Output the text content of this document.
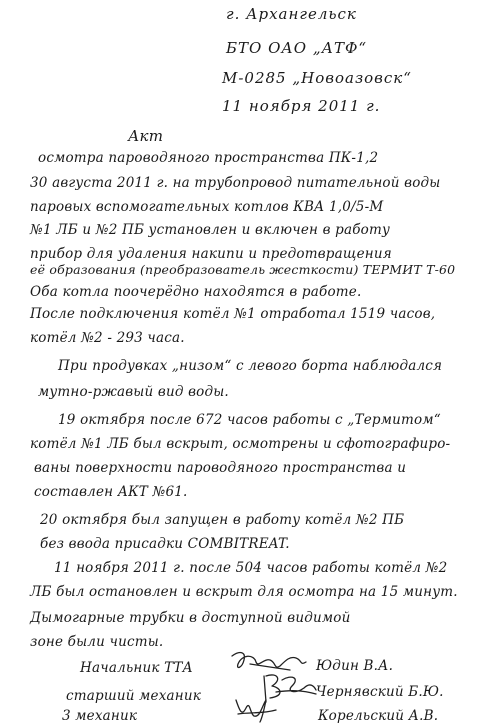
г. Архангельск
БТО ОАО „АТФ“
М-0285 „Новоазовск“
11 ноября 2011 г.
Акт
осмотра пароводяного пространства ПК-1,2
30 августа 2011 г. на трубопровод питательной воды
паровых вспомогательных котлов КВА 1,0/5-М
№1 ЛБ и №2 ПБ установлен и включен в работу
прибор для удаления накипи и предотвращения
её образования (преобразователь жесткости) ТЕРМИТ Т-60
Оба котла поочерёдно находятся в работе.
После подключения котёл №1 отработал 1519 часов,
котёл №2 - 293 часа.
При продувках „низом“ с левого борта наблюдался
мутно-ржавый вид воды.
19 октября после 672 часов работы с „Термитом“
котёл №1 ЛБ был вскрыт, осмотрены и сфотографиро-
ваны поверхности пароводяного пространства и
составлен АКТ №61.
20 октября был запущен в работу котёл №2 ПБ
без ввода присадки COMBITREAT.
11 ноября 2011 г. после 504 часов работы котёл №2
ЛБ был остановлен и вскрыт для осмотра на 15 минут.
Дымогарные трубки в доступной видимой
зоне были чисты.
Начальник ТТА	Юдин В.А.
старший механик	Чернявский Б.Ю.
3 механик	Корельский А.В.
